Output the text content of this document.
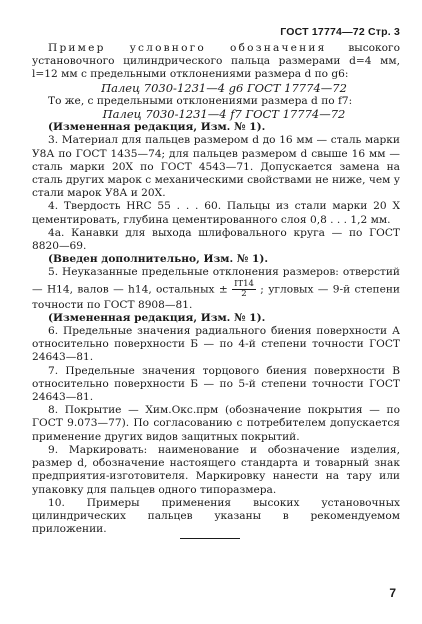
ГОСТ 17774—72 Стр. 3

Пример условного обозначения высокого установочного цилиндрического пальца размерами d=4 мм, l=12 мм с предельными отклонениями размера d по g6:

Палец 7030-1231—4 g6 ГОСТ 17774—72

То же, с предельными отклонениями размера d по f7:

Палец 7030-1231—4 f7 ГОСТ 17774—72

(Измененная редакция, Изм. № 1).

3. Материал для пальцев размером d до 16 мм — сталь марки У8А по ГОСТ 1435—74; для пальцев размером d свыше 16 мм — сталь марки 20Х по ГОСТ 4543—71. Допускается замена на сталь других марок с механическими свойствами не ниже, чем у стали марок У8А и 20Х.

4. Твердость HRC 55 . . . 60. Пальцы из стали марки 20 Х цементировать, глубина цементированного слоя 0,8 . . . 1,2 мм.

4а. Канавки для выхода шлифовального круга — по ГОСТ 8820—69.

(Введен дополнительно, Изм. № 1).

5. Неуказанные предельные отклонения размеров: отверстий— Н14, валов — h14, остальных ± $\frac{IT14}{2}$ ; угловых — 9-й степени точности по ГОСТ 8908—81.

(Измененная редакция, Изм. № 1).

6. Предельные значения радиального биения поверхности А относительно поверхности Б — по 4-й степени точности ГОСТ 24643—81.

7. Предельные значения торцового биения поверхности В относительно поверхности Б — по 5-й степени точности ГОСТ 24643—81.

8. Покрытие — Хим.Окс.прм (обозначение покрытия — по ГОСТ 9.073—77). По согласованию с потребителем допускается применение других видов защитных покрытий.

9. Маркировать: наименование и обозначение изделия, размер d, обозначение настоящего стандарта и товарный знак предприятия-изготовителя. Маркировку нанести на тару или упаковку для пальцев одного типоразмера.

10. Примеры применения высоких установочных цилиндрических пальцев указаны в рекомендуемом приложении.

7
